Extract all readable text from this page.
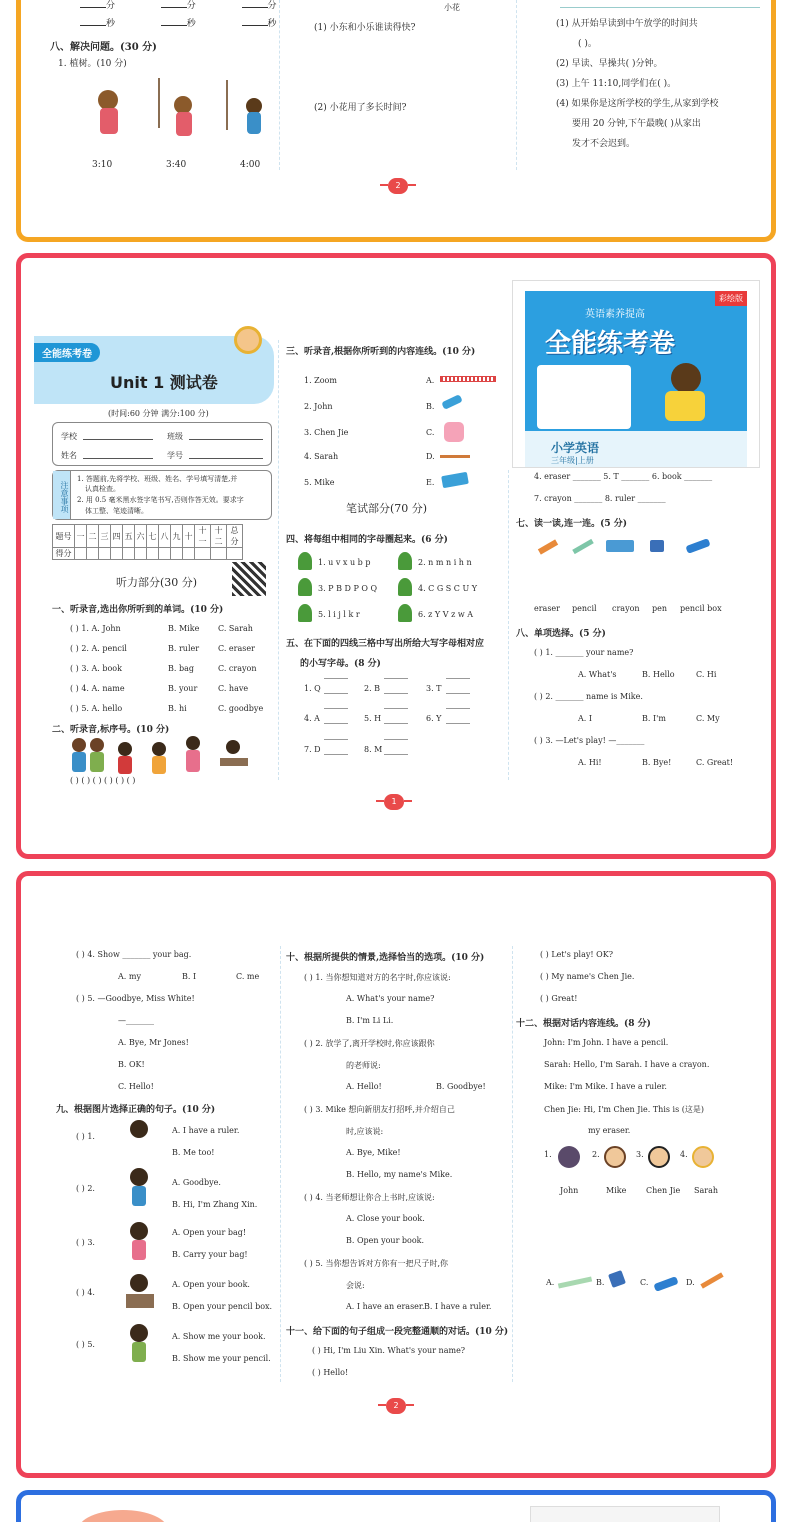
分	分	分
秒	秒	秒
八、解决问题。(30 分)
1. 植树。(10 分)
3:10	3:40	4:00
小花
(1) 小东和小乐谁读得快?
(2) 小花用了多长时间?
(1) 从开始早读到中午放学的时间共
( )。
(2) 早读、早操共( )分钟。
(3) 上午 11:10,同学们在( )。
(4) 如果你是这所学校的学生,从家到学校
要用 20 分钟,下午最晚( )从家出
发才不会迟到。
2
全能练考卷
Unit 1 测试卷
(时间:60 分钟 满分:100 分)
学校	班级
姓名	学号
注意事项
1. 答题前,先将学校、班级、姓名、学号填写清楚,并
认真检查。
2. 用 0.5 毫米黑水签字笔书写,否则作答无效。要求字
体工整、笔迹清晰。
题号	一	二	三	四	五	六	七	八	九	十	十一	十二	总分
得分													
听力部分(30 分)
一、听录音,选出你所听到的单词。(10 分)
( ) 1. A. John	B. Mike C. Sarah
( ) 2. A. pencil	B. ruler C. eraser
( ) 3. A. book	B. bag	C. crayon
( ) 4. A. name	B. your	C. have
( ) 5. A. hello	B. hi	C. goodbye
二、听录音,标序号。(10 分)
( ) ( ) ( ) ( ) ( ) ( )
三、听录音,根据你所听到的内容连线。(10 分)
1. Zoom
2. John
3. Chen Jie
4. Sarah
5. Mike
A.
B.
C.
D.
E.
笔试部分(70 分)
四、将每组中相同的字母圈起来。(6 分)
1. u v x u b p	2. n m n i h n
3. P B D P O Q	4. C G S C U Y
5. l i j l k r	6. z Y V z w A
五、在下面的四线三格中写出所给大写字母相对应
的小写字母。(8 分)
1. Q	2. B	3. T
4. A	5. H	6. Y
7. D	8. M
彩绘版
英语素养提高
全能练考卷
小学英语
三年级|上册
4. eraser _______ 5. T _______ 6. book _______
7. crayon _______ 8. ruler _______
七、读一读,连一连。(5 分)
eraser pencil crayon pen pencil box
八、单项选择。(5 分)
( ) 1. _______ your name?
A. What's	B. Hello	C. Hi
( ) 2. _______ name is Mike.
A. I	B. I'm	C. My
( ) 3. —Let's play! —_______
A. Hi!	B. Bye!	C. Great!
1
( ) 4. Show _______ your bag.
A. my	B. I	C. me
( ) 5. —Goodbye, Miss White!
—_______
A. Bye, Mr Jones!
B. OK!
C. Hello!
九、根据图片选择正确的句子。(10 分)
( ) 1.
A. I have a ruler.
B. Me too!
( ) 2.
A. Goodbye.
B. Hi, I'm Zhang Xin.
( ) 3.
A. Open your bag!
B. Carry your bag!
( ) 4.
A. Open your book.
B. Open your pencil box.
( ) 5.
A. Show me your book.
B. Show me your pencil.
十、根据所提供的情景,选择恰当的选项。(10 分)
( ) 1. 当你想知道对方的名字时,你应该说:
A. What's your name?
B. I'm Li Li.
( ) 2. 放学了,离开学校时,你应该跟你
的老师说:
A. Hello!	B. Goodbye!
( ) 3. Mike 想向新朋友打招呼,并介绍自己
时,应该说:
A. Bye, Mike!
B. Hello, my name's Mike.
( ) 4. 当老师想让你合上书时,应该说:
A. Close your book.
B. Open your book.
( ) 5. 当你想告诉对方你有一把尺子时,你
会说:
A. I have an eraser. B. I have a ruler.
十一、给下面的句子组成一段完整通顺的对话。(10 分)
( ) Hi, I'm Liu Xin. What's your name?
( ) Hello!
( ) Let's play! OK?
( ) My name's Chen Jie.
( ) Great!
十二、根据对话内容连线。(8 分)
John: I'm John. I have a pencil.
Sarah: Hello, I'm Sarah. I have a crayon.
Mike: I'm Mike. I have a ruler.
Chen Jie: Hi, I'm Chen Jie. This is (这是)
my eraser.
1.	2.	3.	4.
John	Mike Chen Jie Sarah
A.	B.	C.	D.
2
